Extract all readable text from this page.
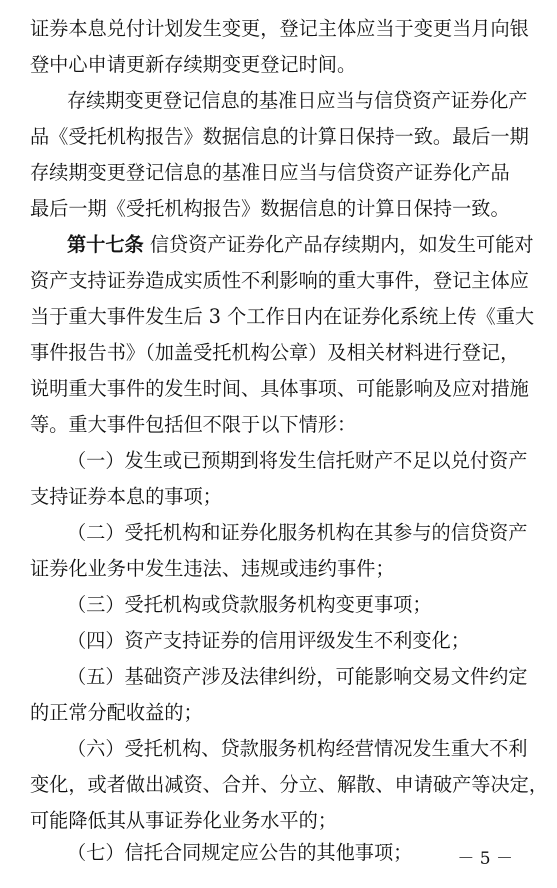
证券本息兑付计划发生变更，登记主体应当于变更当月向银
登中心申请更新存续期变更登记时间。
存续期变更登记信息的基准日应当与信贷资产证券化产
品《受托机构报告》数据信息的计算日保持一致。最后一期
存续期变更登记信息的基准日应当与信贷资产证券化产品
最后一期《受托机构报告》数据信息的计算日保持一致。
第十七条 信贷资产证券化产品存续期内，如发生可能对
资产支持证券造成实质性不利影响的重大事件，登记主体应
当于重大事件发生后 3 个工作日内在证券化系统上传《重大
事件报告书》（加盖受托机构公章）及相关材料进行登记，
说明重大事件的发生时间、具体事项、可能影响及应对措施
等。重大事件包括但不限于以下情形：
（一）发生或已预期到将发生信托财产不足以兑付资产
支持证券本息的事项；
（二）受托机构和证券化服务机构在其参与的信贷资产
证券化业务中发生违法、违规或违约事件；
（三）受托机构或贷款服务机构变更事项；
（四）资产支持证券的信用评级发生不利变化；
（五）基础资产涉及法律纠纷，可能影响交易文件约定
的正常分配收益的；
（六）受托机构、贷款服务机构经营情况发生重大不利
变化，或者做出减资、合并、分立、解散、申请破产等决定，
可能降低其从事证券化业务水平的；
（七）信托合同规定应公告的其他事项；	－ 5 －
